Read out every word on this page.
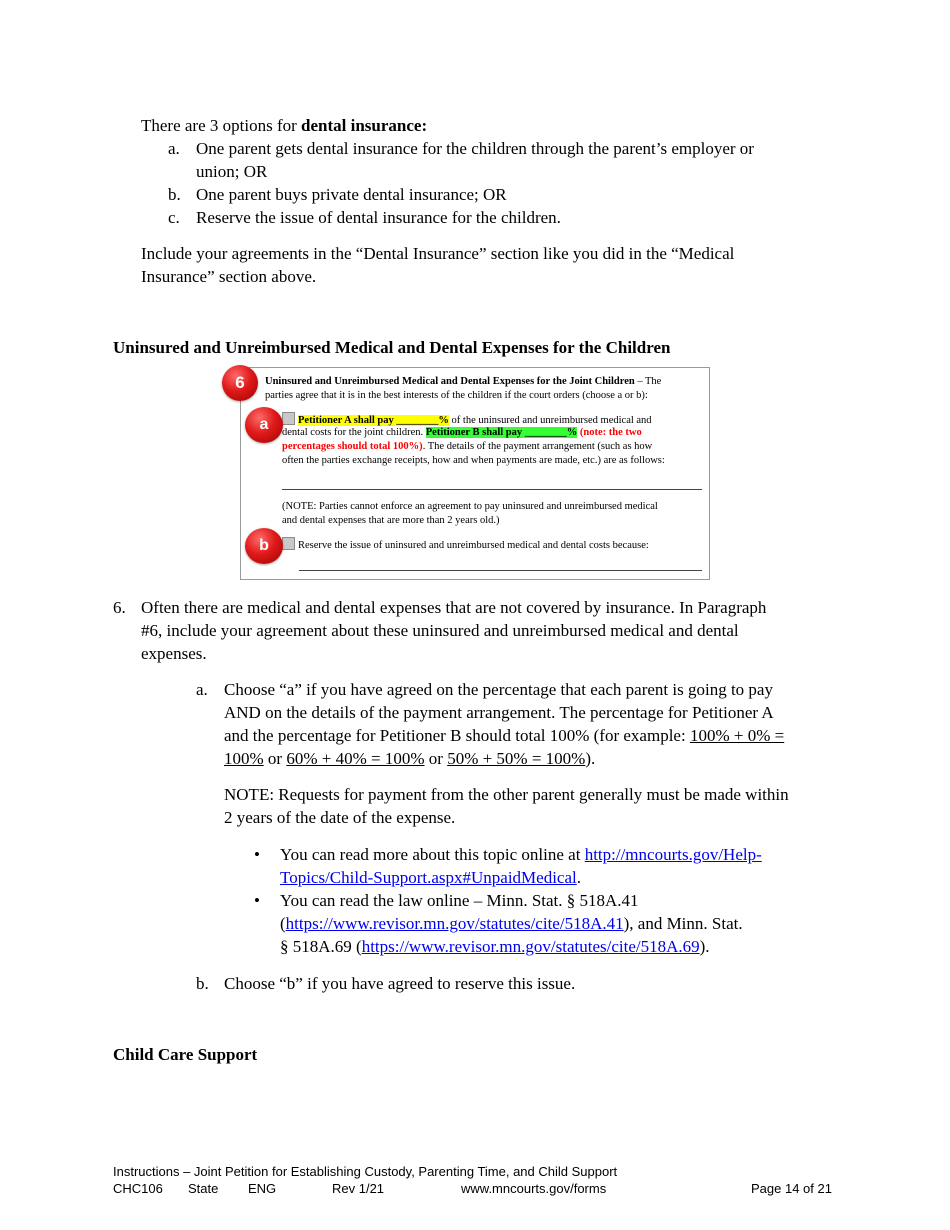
There are 3 options for dental insurance:
a. One parent gets dental insurance for the children through the parent’s employer or
union; OR
b. One parent buys private dental insurance; OR
c. Reserve the issue of dental insurance for the children.
Include your agreements in the “Dental Insurance” section like you did in the “Medical
Insurance” section above.
Uninsured and Unreimbursed Medical and Dental Expenses for the Children
Uninsured and Unreimbursed Medical and Dental Expenses for the Joint Children – The
parties agree that it is in the best interests of the children if the court orders (choose a or b):
Petitioner A shall pay ________% of the uninsured and unreimbursed medical and
dental costs for the joint children. Petitioner B shall pay ________% (note: the two
percentages should total 100%). The details of the payment arrangement (such as how
often the parties exchange receipts, how and when payments are made, etc.) are as follows:
(NOTE: Parties cannot enforce an agreement to pay uninsured and unreimbursed medical
and dental expenses that are more than 2 years old.)
Reserve the issue of uninsured and unreimbursed medical and dental costs because:
6
a
b
6. Often there are medical and dental expenses that are not covered by insurance. In Paragraph
#6, include your agreement about these uninsured and unreimbursed medical and dental
expenses.
a. Choose “a” if you have agreed on the percentage that each parent is going to pay
AND on the details of the payment arrangement. The percentage for Petitioner A
and the percentage for Petitioner B should total 100% (for example: 100% + 0% =
100% or 60% + 40% = 100% or 50% + 50% = 100%).
NOTE: Requests for payment from the other parent generally must be made within
2 years of the date of the expense.
• You can read more about this topic online at http://mncourts.gov/Help-
Topics/Child-Support.aspx#UnpaidMedical.
• You can read the law online – Minn. Stat. § 518A.41
(https://www.revisor.mn.gov/statutes/cite/518A.41), and Minn. Stat.
§ 518A.69 (https://www.revisor.mn.gov/statutes/cite/518A.69).
b. Choose “b” if you have agreed to reserve this issue.
Child Care Support
Instructions – Joint Petition for Establishing Custody, Parenting Time, and Child Support
CHC106 State ENG	Rev 1/21	www.mncourts.gov/forms	Page 14 of 21
